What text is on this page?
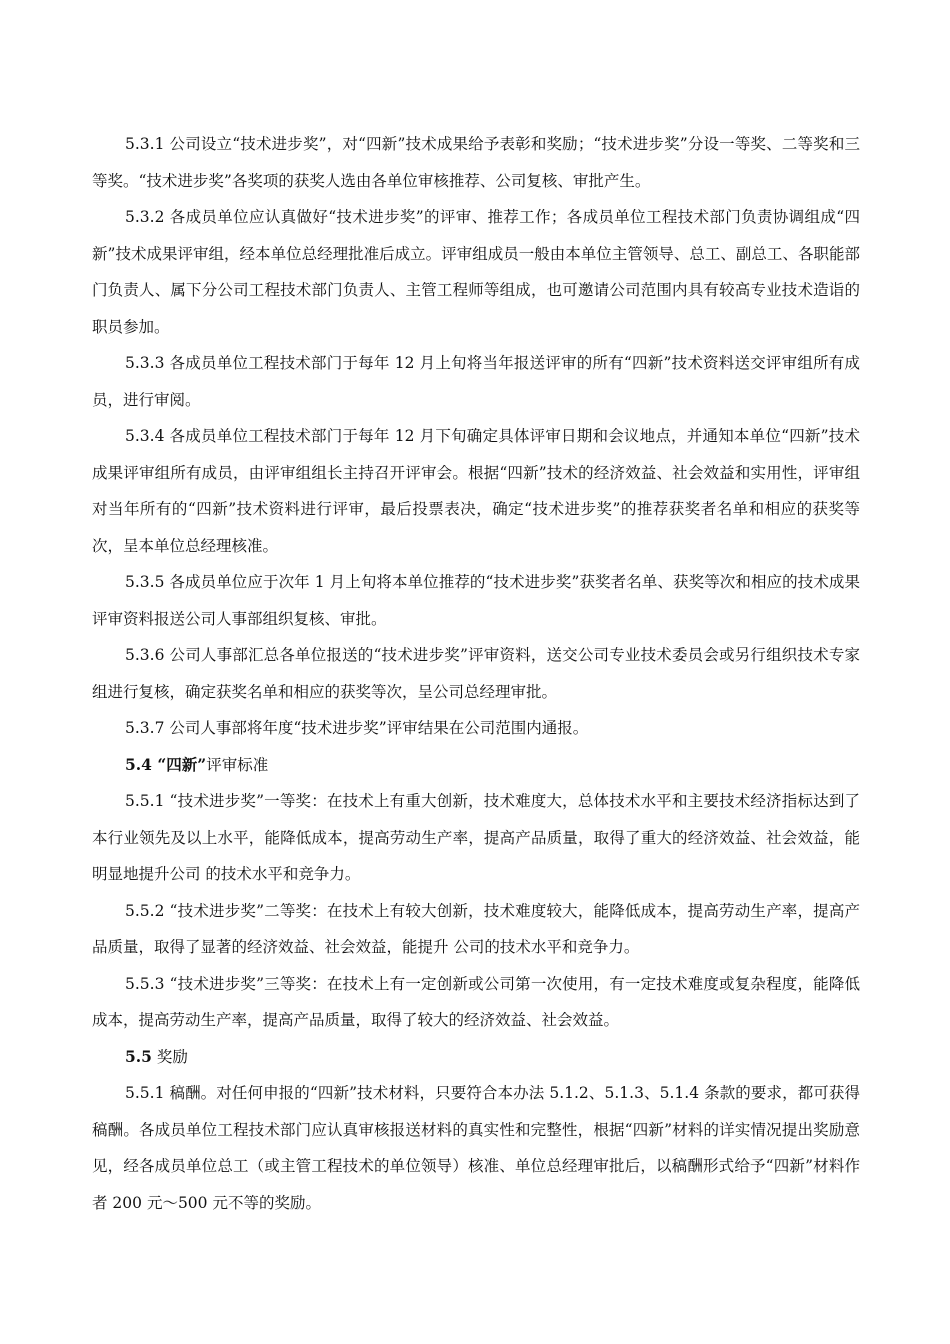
5.3.1 公司设立“技术进步奖”，对“四新”技术成果给予表彰和奖励；“技术进步奖”分设一等奖、二等奖和三等奖。“技术进步奖”各奖项的获奖人选由各单位审核推荐、公司复核、审批产生。

5.3.2 各成员单位应认真做好“技术进步奖”的评审、推荐工作；各成员单位工程技术部门负责协调组成“四新”技术成果评审组，经本单位总经理批准后成立。评审组成员一般由本单位主管领导、总工、副总工、各职能部门负责人、属下分公司工程技术部门负责人、主管工程师等组成，也可邀请公司范围内具有较高专业技术造诣的职员参加。

5.3.3 各成员单位工程技术部门于每年 12 月上旬将当年报送评审的所有“四新”技术资料送交评审组所有成员，进行审阅。

5.3.4 各成员单位工程技术部门于每年 12 月下旬确定具体评审日期和会议地点，并通知本单位“四新”技术成果评审组所有成员，由评审组组长主持召开评审会。根据“四新”技术的经济效益、社会效益和实用性，评审组对当年所有的“四新”技术资料进行评审，最后投票表决，确定“技术进步奖”的推荐获奖者名单和相应的获奖等次，呈本单位总经理核准。

5.3.5 各成员单位应于次年 1 月上旬将本单位推荐的“技术进步奖”获奖者名单、获奖等次和相应的技术成果评审资料报送公司人事部组织复核、审批。

5.3.6 公司人事部汇总各单位报送的“技术进步奖”评审资料，送交公司专业技术委员会或另行组织技术专家组进行复核，确定获奖名单和相应的获奖等次，呈公司总经理审批。

5.3.7 公司人事部将年度“技术进步奖”评审结果在公司范围内通报。

5.4 “四新”评审标准

5.5.1 “技术进步奖”一等奖：在技术上有重大创新，技术难度大，总体技术水平和主要技术经济指标达到了本行业领先及以上水平，能降低成本，提高劳动生产率，提高产品质量，取得了重大的经济效益、社会效益，能明显地提升公司 的技术水平和竞争力。

5.5.2 “技术进步奖”二等奖：在技术上有较大创新，技术难度较大，能降低成本，提高劳动生产率，提高产品质量，取得了显著的经济效益、社会效益，能提升 公司的技术水平和竞争力。

5.5.3 “技术进步奖”三等奖：在技术上有一定创新或公司第一次使用，有一定技术难度或复杂程度，能降低成本，提高劳动生产率，提高产品质量，取得了较大的经济效益、社会效益。

5.5 奖励

5.5.1 稿酬。对任何申报的“四新”技术材料，只要符合本办法 5.1.2、5.1.3、5.1.4 条款的要求，都可获得稿酬。各成员单位工程技术部门应认真审核报送材料的真实性和完整性，根据“四新”材料的详实情况提出奖励意见，经各成员单位总工（或主管工程技术的单位领导）核准、单位总经理审批后，以稿酬形式给予“四新”材料作者 200 元～500 元不等的奖励。
